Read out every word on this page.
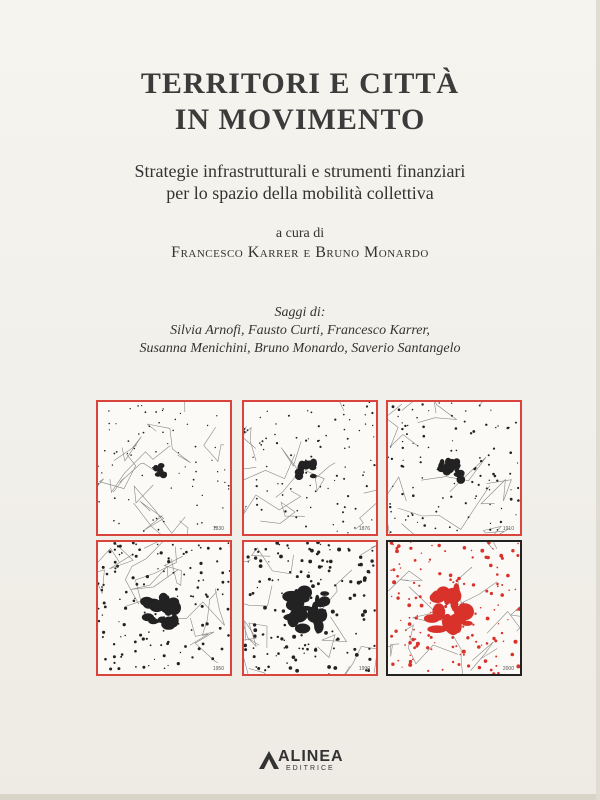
TERRITORI E CITTÀ
IN MOVIMENTO

Strategie infrastrutturali e strumenti finanziari

per lo spazio della mobilità collettiva

a cura di
Francesco Karrer e Bruno Monardo
Saggi di:
Silvia Arnofi, Fausto Curti, Francesco Karrer,
Susanna Menichini, Bruno Monardo, Saverio Santangelo
1830	1876	1910
1950	1990	2000
ALINEA
EDITRICE
